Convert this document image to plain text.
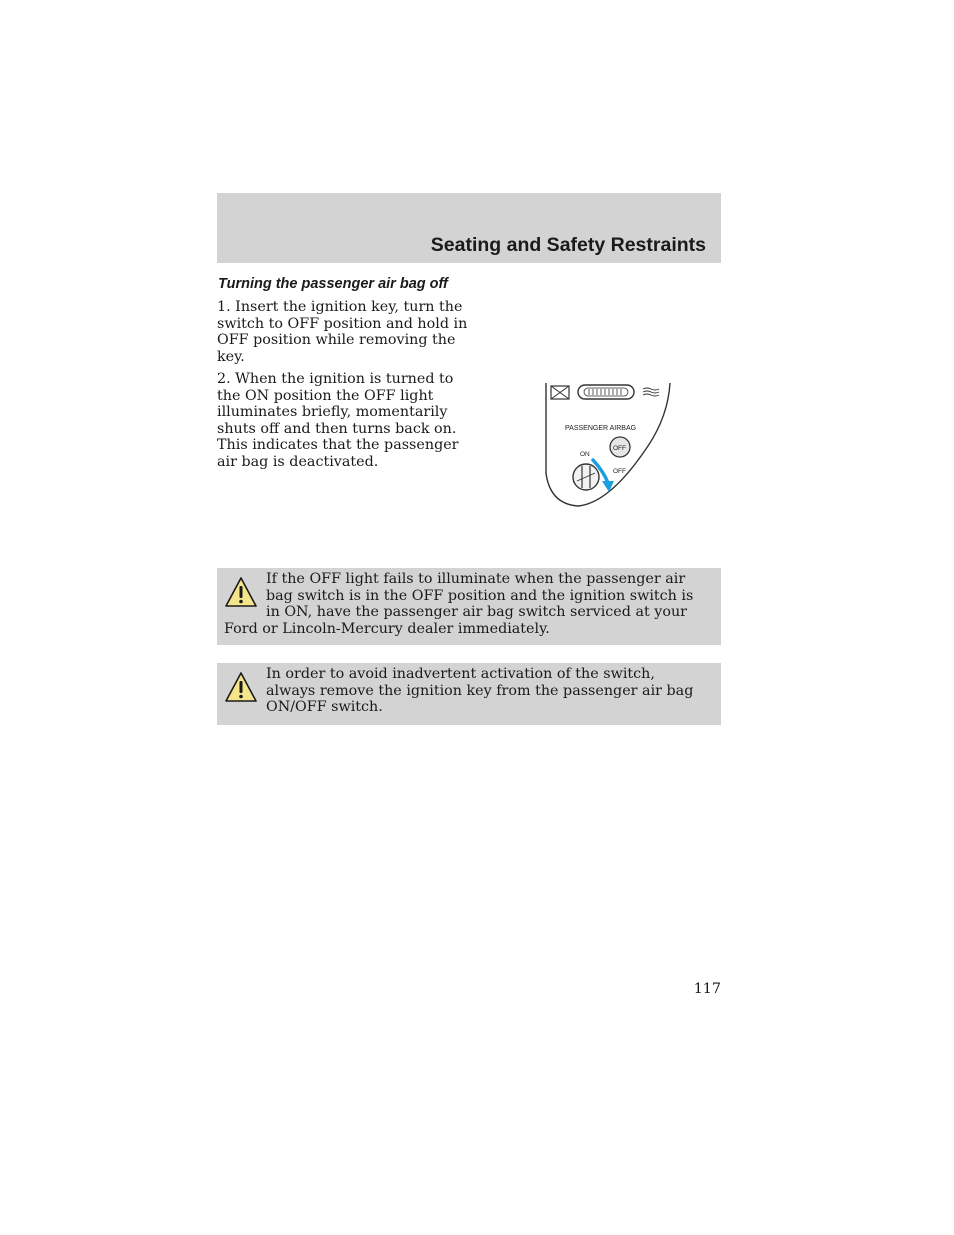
Seating and Safety Restraints
Turning the passenger air bag off

1. Insert the ignition key, turn the switch to OFF position and hold in OFF position while removing the key.

2. When the ignition is turned to the ON position the OFF light illuminates briefly, momentarily shuts off and then turns back on. This indicates that the passenger air bag is deactivated.

PASSENGER AIRBAG
OFF
ON
OFF
If the OFF light fails to illuminate when the passenger air bag switch is in the OFF position and the ignition switch is in ON, have the passenger air bag switch serviced at your Ford or Lincoln-Mercury dealer immediately.
In order to avoid inadvertent activation of the switch, always remove the ignition key from the passenger air bag ON/OFF switch.
117
